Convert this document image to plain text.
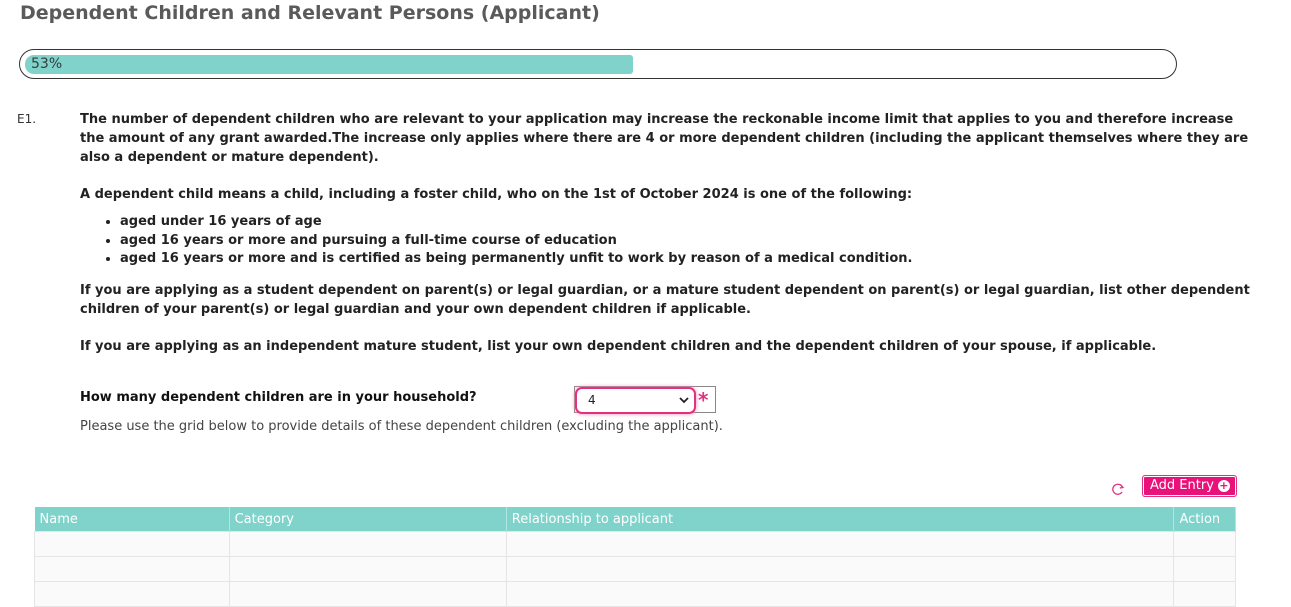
Dependent Children and Relevant Persons (Applicant)
53%
E1.	The number of dependent children who are relevant to your application may increase the reckonable income limit that applies to you and therefore increase the amount of any grant awarded.The increase only applies where there are 4 or more dependent children (including the applicant themselves where they are also a dependent or mature dependent).

A dependent child means a child, including a foster child, who on the 1st of October 2024 is one of the following:

• aged under 16 years of age
• aged 16 years or more and pursuing a full-time course of education
• aged 16 years or more and is certified as being permanently unfit to work by reason of a medical condition.

If you are applying as a student dependent on parent(s) or legal guardian, or a mature student dependent on parent(s) or legal guardian, list other dependent children of your parent(s) or legal guardian and your own dependent children if applicable.

If you are applying as an independent mature student, list your own dependent children and the dependent children of your spouse, if applicable.

How many dependent children are in your household?	4	*
Please use the grid below to provide details of these dependent children (excluding the applicant).
Add Entry +
Name	Category	Relationship to applicant	Action
